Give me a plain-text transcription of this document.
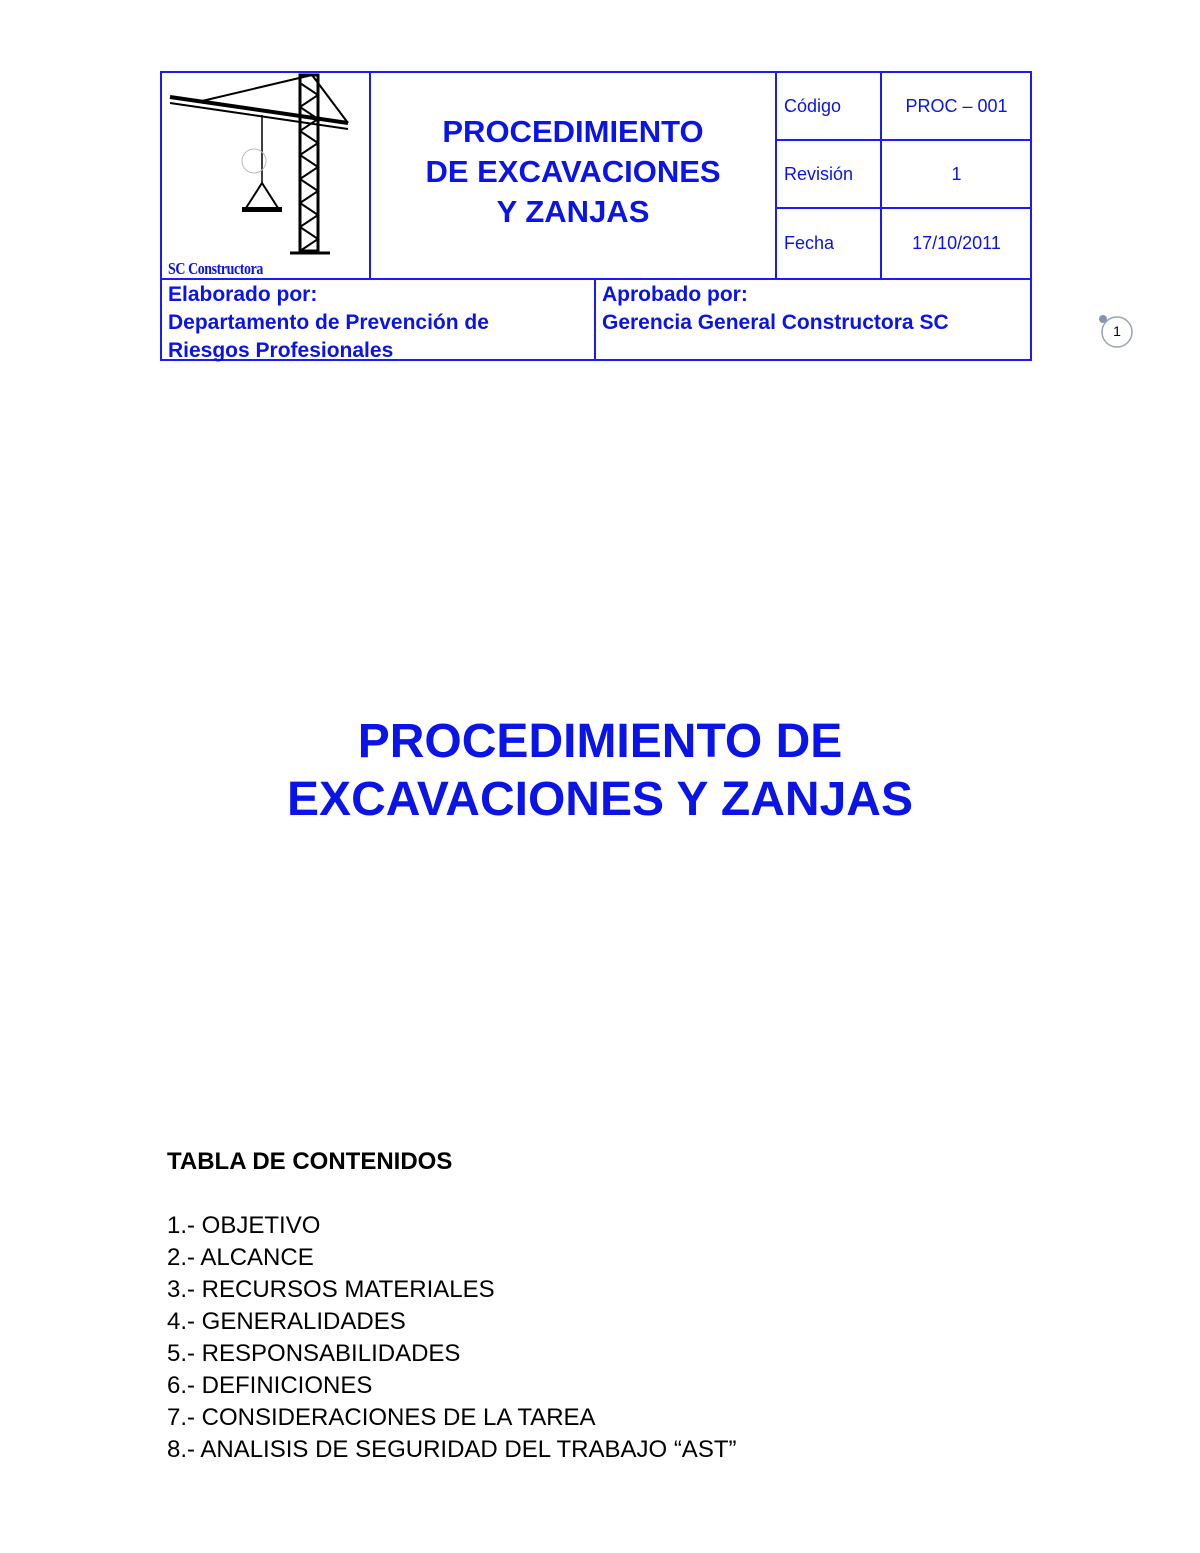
SC Constructora
PROCEDIMIENTO
DE EXCAVACIONES
Y ZANJAS
Código	PROC – 001
Revisión	1
Fecha	17/10/2011
Elaborado por:
Departamento de Prevención de Riesgos Profesionales
Aprobado por:
Gerencia General Constructora SC	1
PROCEDIMIENTO DE
EXCAVACIONES Y ZANJAS
TABLA DE CONTENIDOS
1.- OBJETIVO
2.- ALCANCE
3.- RECURSOS MATERIALES
4.- GENERALIDADES
5.- RESPONSABILIDADES
6.- DEFINICIONES
7.- CONSIDERACIONES DE LA TAREA
8.- ANALISIS DE SEGURIDAD DEL TRABAJO “AST”
